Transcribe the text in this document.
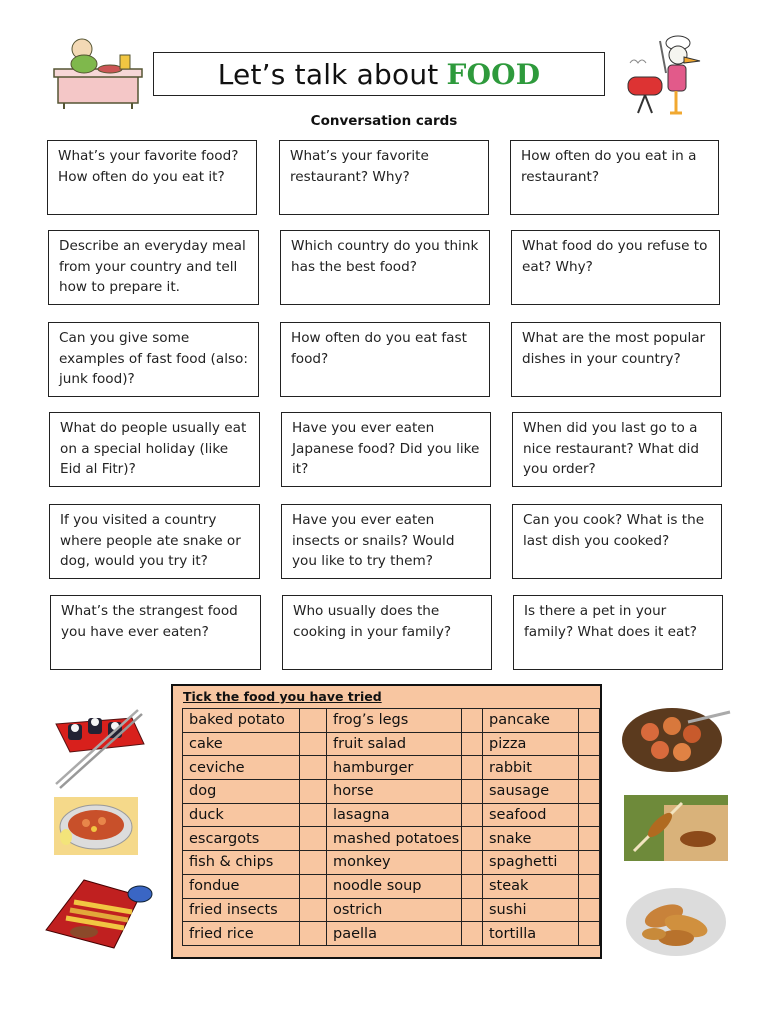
Let’s talk about FOOD
Conversation cards
What’s your favorite food? How often do you eat it?
What’s your favorite restaurant? Why?
How often do you eat in a restaurant?
Describe an everyday meal from your country and tell how to prepare it.
Which country do you think has the best food?
What food do you refuse to eat? Why?
Can you give some examples of fast food (also: junk food)?
How often do you eat fast food?
What are the most popular dishes in your country?
What do people usually eat on a special holiday (like Eid al Fitr)?
Have you ever eaten Japanese food? Did you like it?
When did you last go to a nice restaurant? What did you order?
If you visited a country where people ate snake or dog, would you try it?
Have you ever eaten insects or snails? Would you like to try them?
Can you cook? What is the last dish you cooked?
What’s the strangest food you have ever eaten?
Who usually does the cooking in your family?
Is there a pet in your family? What does it eat?
Tick the food you have tried
baked potato		frog’s legs		pancake	
cake		fruit salad		pizza	
ceviche		hamburger		rabbit	
dog		horse		sausage	
duck		lasagna		seafood	
escargots		mashed potatoes		snake	
fish & chips		monkey		spaghetti	
fondue		noodle soup		steak	
fried insects		ostrich		sushi	
fried rice		paella		tortilla	
